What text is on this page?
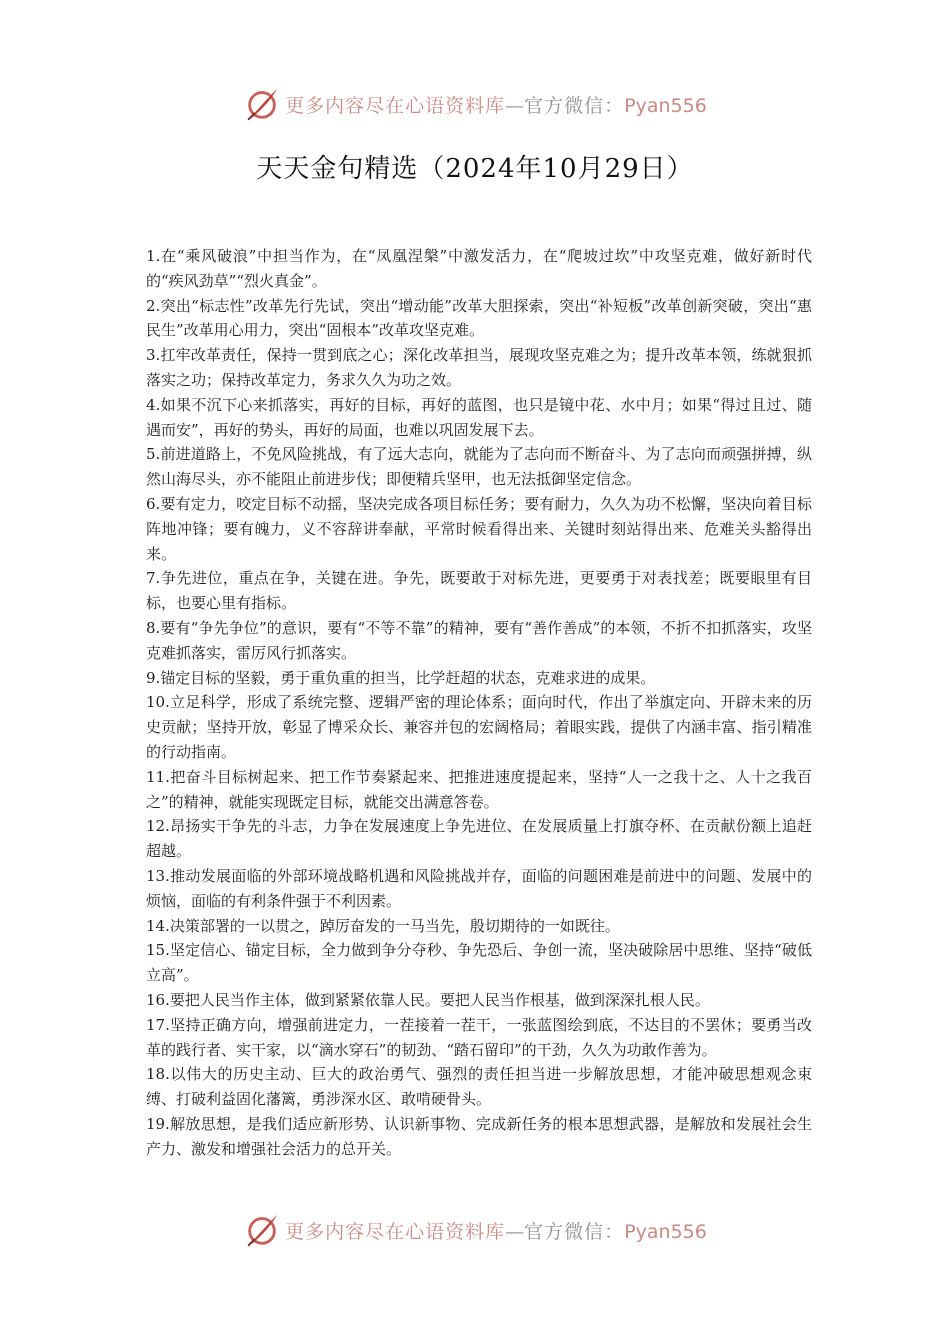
更多内容尽在心语资料库—官方微信：Pyan556
天天金句精选（2024年10月29日）

1.在“乘风破浪”中担当作为，在“凤凰涅槃”中激发活力，在“爬坡过坎”中攻坚克难，做好新时代的“疾风劲草”“烈火真金”。

2.突出“标志性”改革先行先试，突出“增动能”改革大胆探索，突出“补短板”改革创新突破，突出“惠民生”改革用心用力，突出“固根本”改革攻坚克难。

3.扛牢改革责任，保持一贯到底之心；深化改革担当，展现攻坚克难之为；提升改革本领，练就狠抓落实之功；保持改革定力，务求久久为功之效。

4.如果不沉下心来抓落实，再好的目标，再好的蓝图，也只是镜中花、水中月；如果“得过且过、随遇而安”，再好的势头，再好的局面，也难以巩固发展下去。

5.前进道路上，不免风险挑战，有了远大志向，就能为了志向而不断奋斗、为了志向而顽强拼搏，纵然山海尽头，亦不能阻止前进步伐；即便精兵坚甲，也无法抵御坚定信念。

6.要有定力，咬定目标不动摇，坚决完成各项目标任务；要有耐力，久久为功不松懈，坚决向着目标阵地冲锋；要有魄力，义不容辞讲奉献，平常时候看得出来、关键时刻站得出来、危难关头豁得出来。

7.争先进位，重点在争，关键在进。争先，既要敢于对标先进，更要勇于对表找差；既要眼里有目标，也要心里有指标。

8.要有“争先争位”的意识，要有“不等不靠”的精神，要有“善作善成”的本领，不折不扣抓落实，攻坚克难抓落实，雷厉风行抓落实。

9.锚定目标的坚毅，勇于重负重的担当，比学赶超的状态，克难求进的成果。

10.立足科学，形成了系统完整、逻辑严密的理论体系；面向时代，作出了举旗定向、开辟未来的历史贡献；坚持开放，彰显了博采众长、兼容并包的宏阔格局；着眼实践，提供了内涵丰富、指引精准的行动指南。

11.把奋斗目标树起来、把工作节奏紧起来、把推进速度提起来，坚持“人一之我十之、人十之我百之”的精神，就能实现既定目标，就能交出满意答卷。

12.昂扬实干争先的斗志，力争在发展速度上争先进位、在发展质量上打旗夺杯、在贡献份额上追赶超越。

13.推动发展面临的外部环境战略机遇和风险挑战并存，面临的问题困难是前进中的问题、发展中的烦恼，面临的有利条件强于不利因素。

14.决策部署的一以贯之，踔厉奋发的一马当先，殷切期待的一如既往。

15.坚定信心、锚定目标，全力做到争分夺秒、争先恐后、争创一流，坚决破除居中思维、坚持“破低立高”。

16.要把人民当作主体，做到紧紧依靠人民。要把人民当作根基，做到深深扎根人民。

17.坚持正确方向，增强前进定力，一茬接着一茬干，一张蓝图绘到底，不达目的不罢休；要勇当改革的践行者、实干家，以“滴水穿石”的韧劲、“踏石留印”的干劲，久久为功敢作善为。

18.以伟大的历史主动、巨大的政治勇气、强烈的责任担当进一步解放思想，才能冲破思想观念束缚、打破利益固化藩篱，勇涉深水区、敢啃硬骨头。

19.解放思想，是我们适应新形势、认识新事物、完成新任务的根本思想武器，是解放和发展社会生产力、激发和增强社会活力的总开关。

更多内容尽在心语资料库—官方微信：Pyan556
